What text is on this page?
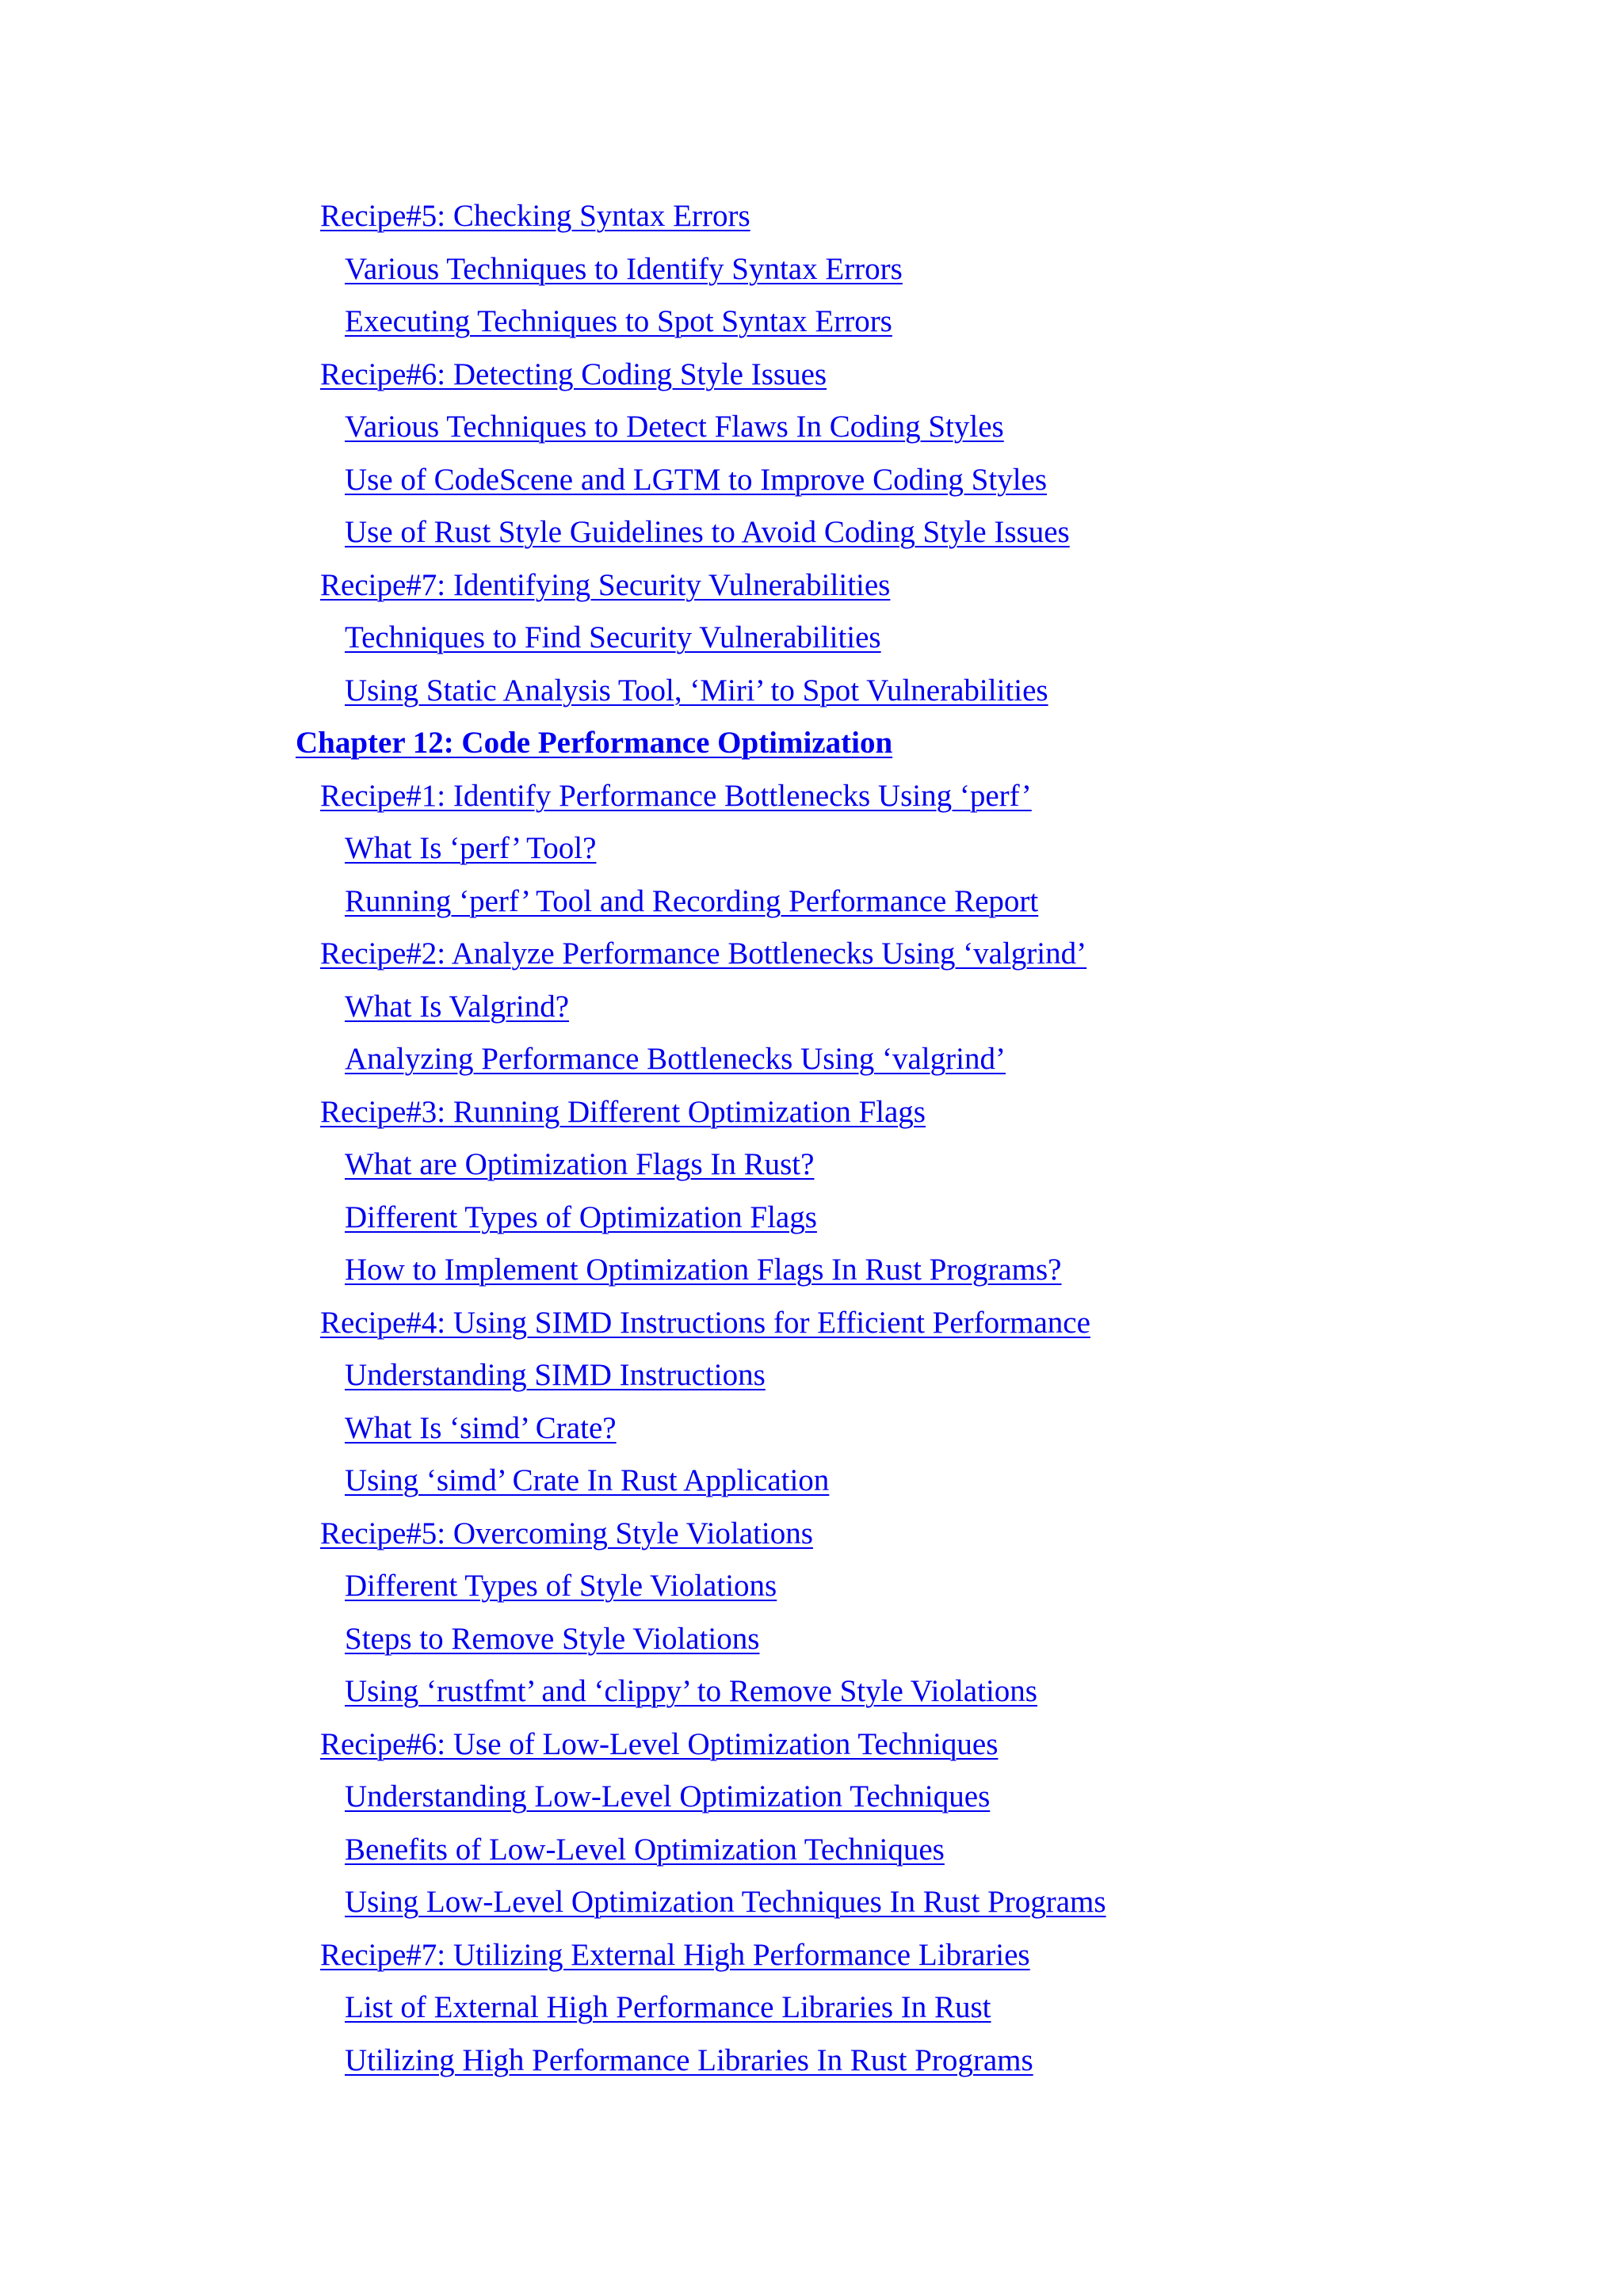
Recipe#5: Checking Syntax Errors
Various Techniques to Identify Syntax Errors
Executing Techniques to Spot Syntax Errors
Recipe#6: Detecting Coding Style Issues
Various Techniques to Detect Flaws In Coding Styles
Use of CodeScene and LGTM to Improve Coding Styles
Use of Rust Style Guidelines to Avoid Coding Style Issues
Recipe#7: Identifying Security Vulnerabilities
Techniques to Find Security Vulnerabilities
Using Static Analysis Tool, ‘Miri’ to Spot Vulnerabilities
Chapter 12: Code Performance Optimization
Recipe#1: Identify Performance Bottlenecks Using ‘perf’
What Is ‘perf’ Tool?
Running ‘perf’ Tool and Recording Performance Report
Recipe#2: Analyze Performance Bottlenecks Using ‘valgrind’
What Is Valgrind?
Analyzing Performance Bottlenecks Using ‘valgrind’
Recipe#3: Running Different Optimization Flags
What are Optimization Flags In Rust?
Different Types of Optimization Flags
How to Implement Optimization Flags In Rust Programs?
Recipe#4: Using SIMD Instructions for Efficient Performance
Understanding SIMD Instructions
What Is ‘simd’ Crate?
Using ‘simd’ Crate In Rust Application
Recipe#5: Overcoming Style Violations
Different Types of Style Violations
Steps to Remove Style Violations
Using ‘rustfmt’ and ‘clippy’ to Remove Style Violations
Recipe#6: Use of Low-Level Optimization Techniques
Understanding Low-Level Optimization Techniques
Benefits of Low-Level Optimization Techniques
Using Low-Level Optimization Techniques In Rust Programs
Recipe#7: Utilizing External High Performance Libraries
List of External High Performance Libraries In Rust
Utilizing High Performance Libraries In Rust Programs
